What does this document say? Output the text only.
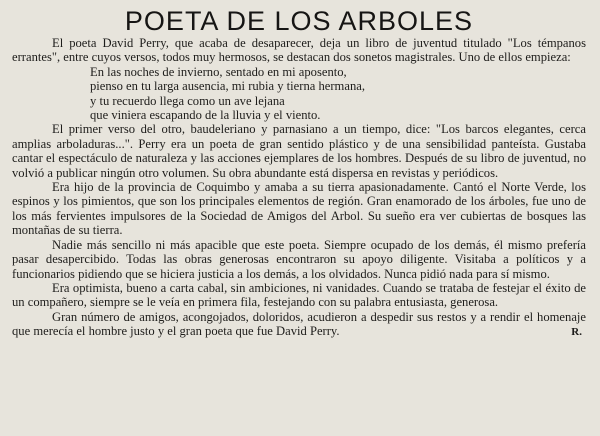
POETA DE LOS ARBOLES

El poeta David Perry, que acaba de desaparecer, deja un libro de juventud titulado "Los témpanos errantes", entre cuyos versos, todos muy hermosos, se destacan dos sonetos magistrales. Uno de ellos empieza:

En las noches de invierno, sentado en mi aposento,
pienso en tu larga ausencia, mi rubia y tierna hermana,
y tu recuerdo llega como un ave lejana
que viniera escapando de la lluvia y el viento.

El primer verso del otro, baudeleriano y parnasiano a un tiempo, dice: "Los barcos elegantes, cerca amplias arboladuras...". Perry era un poeta de gran sentido plástico y de una sensibilidad panteísta. Gustaba cantar el espectáculo de naturaleza y las acciones ejemplares de los hombres. Después de su libro de juventud, no volvió a publicar ningún otro volumen. Su obra abundante está dispersa en revistas y periódicos.

Era hijo de la provincia de Coquimbo y amaba a su tierra apasionadamente. Cantó el Norte Verde, los espinos y los pimientos, que son los principales elementos de región. Gran enamorado de los árboles, fue uno de los más fervientes impulsores de la Sociedad de Amigos del Arbol. Su sueño era ver cubiertas de bosques las montañas de su tierra.

Nadie más sencillo ni más apacible que este poeta. Siempre ocupado de los demás, él mismo prefería pasar desapercibido. Todas las obras generosas encontraron su apoyo diligente. Visitaba a políticos y a funcionarios pidiendo que se hiciera justicia a los demás, a los olvidados. Nunca pidió nada para sí mismo.

Era optimista, bueno a carta cabal, sin ambiciones, ni vanidades. Cuando se trataba de festejar el éxito de un compañero, siempre se le veía en primera fila, festejando con su palabra entusiasta, generosa.

Gran número de amigos, acongojados, doloridos, acudieron a despedir sus restos y a rendir el homenaje que merecía el hombre justo y el gran poeta que fue David Perry.	R.
